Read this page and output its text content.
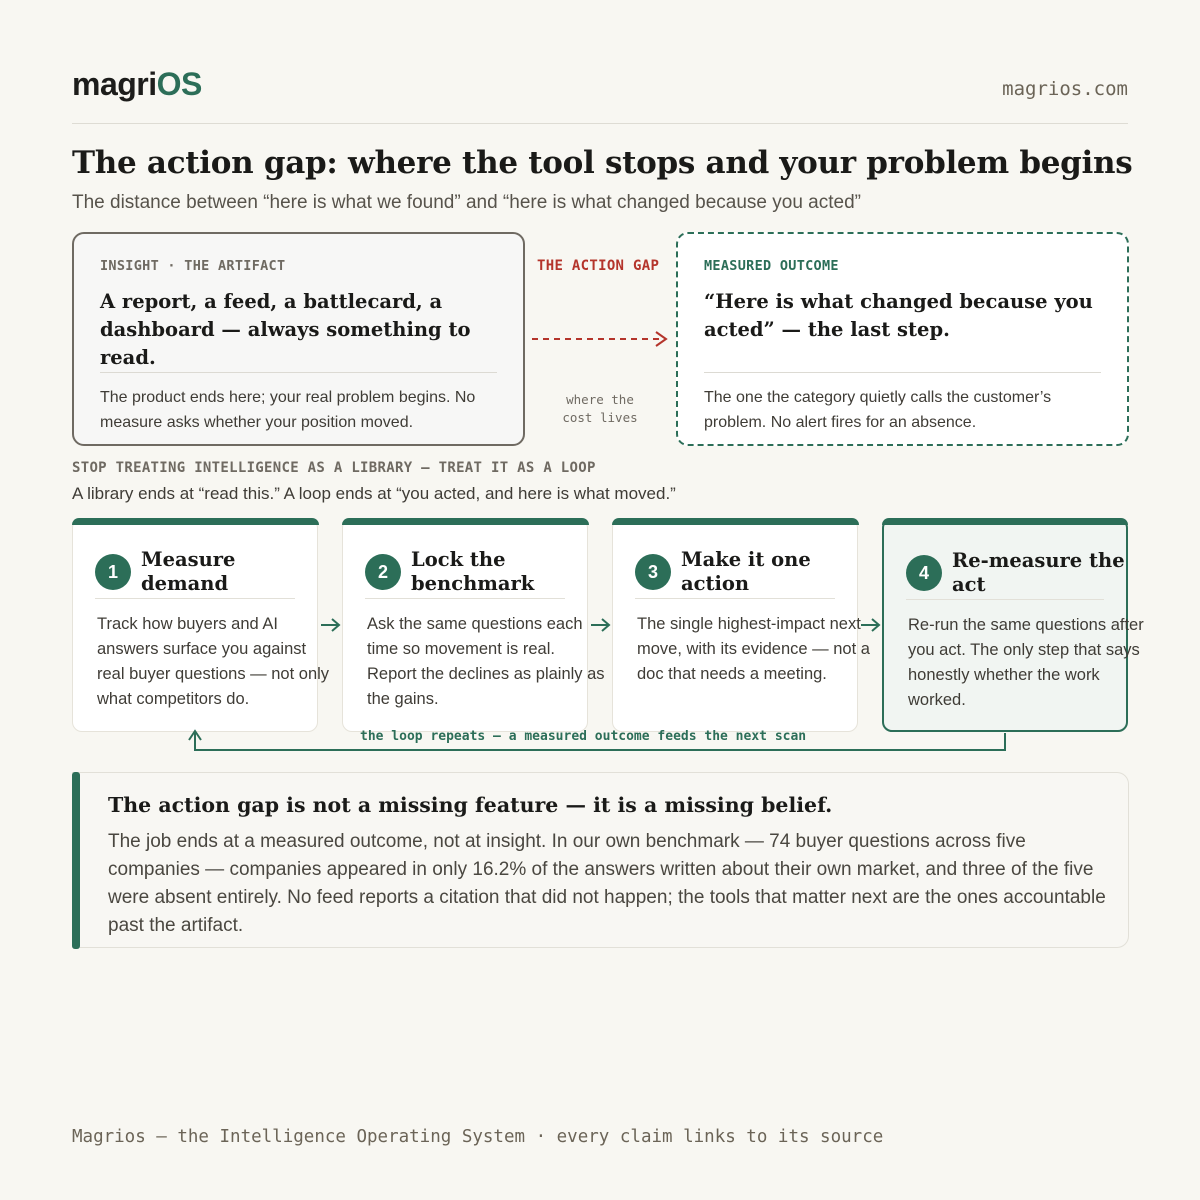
magriOS	magrios.com
The action gap: where the tool stops and your problem begins
The distance between “here is what we found” and “here is what changed because you acted”
INSIGHT · THE ARTIFACT
A report, a feed, a battlecard, a dashboard — always something to read.
The product ends here; your real problem begins. No measure asks whether your position moved.
THE ACTION GAP
where the cost lives
MEASURED OUTCOME
“Here is what changed because you acted” — the last step.
The one the category quietly calls the customer’s problem. No alert fires for an absence.
STOP TREATING INTELLIGENCE AS A LIBRARY — TREAT IT AS A LOOP
A library ends at “read this.” A loop ends at “you acted, and here is what moved.”
1
Measure demand
Track how buyers and AI answers surface you against real buyer questions — not only what competitors do.
2
Lock the benchmark
Ask the same questions each time so movement is real. Report the declines as plainly as the gains.
3
Make it one action
The single highest-impact next move, with its evidence — not a doc that needs a meeting.
4
Re-measure the act
Re-run the same questions after you act. The only step that says honestly whether the work worked.
the loop repeats — a measured outcome feeds the next scan
The action gap is not a missing feature — it is a missing belief.
The job ends at a measured outcome, not at insight. In our own benchmark — 74 buyer questions across five companies — companies appeared in only 16.2% of the answers written about their own market, and three of the five were absent entirely. No feed reports a citation that did not happen; the tools that matter next are the ones accountable past the artifact.
Magrios — the Intelligence Operating System · every claim links to its source
